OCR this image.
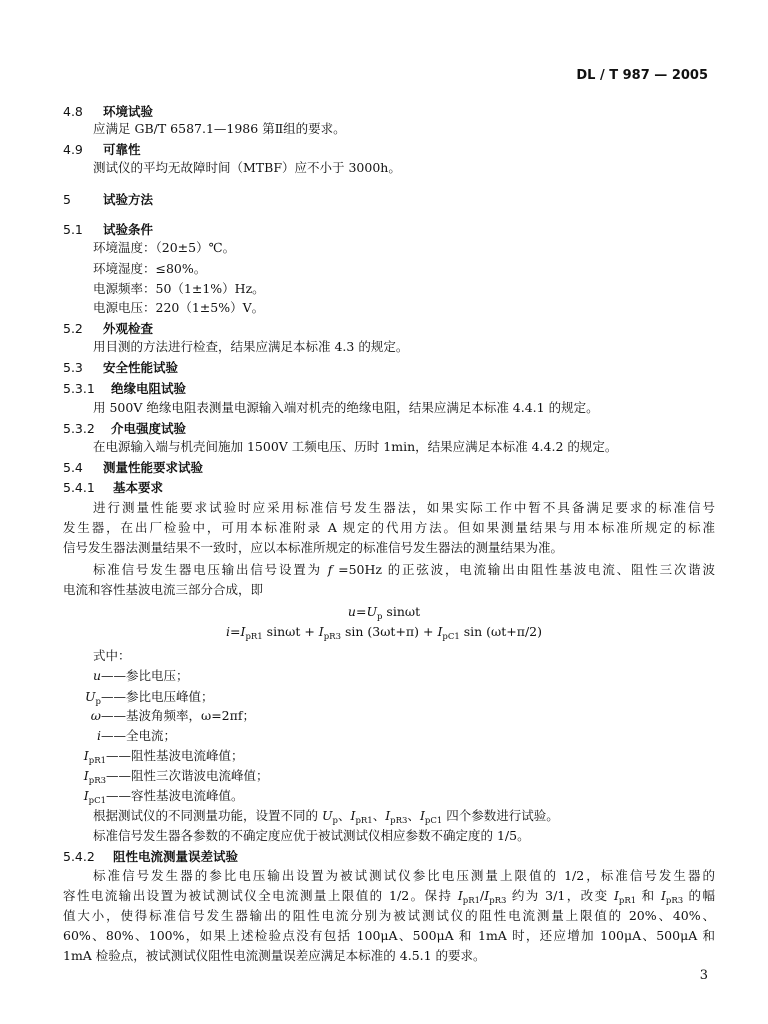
DL / T 987 — 2005
4.8 环境试验
应满足 GB/T 6587.1—1986 第Ⅱ组的要求。
4.9 可靠性
测试仪的平均无故障时间（MTBF）应不小于 3000h。
5	试验方法
5.1 试验条件
环境温度：（20±5）℃。
环境湿度：≤80%。
电源频率：50（1±1%）Hz。
电源电压：220（1±5%）V。
5.2 外观检查
用目测的方法进行检查，结果应满足本标准 4.3 的规定。
5.3 安全性能试验
5.3.1 绝缘电阻试验
用 500V 绝缘电阻表测量电源输入端对机壳的绝缘电阻，结果应满足本标准 4.4.1 的规定。
5.3.2 介电强度试验
在电源输入端与机壳间施加 1500V 工频电压、历时 1min，结果应满足本标准 4.4.2 的规定。
5.4 测量性能要求试验
5.4.1 基本要求
进行测量性能要求试验时应采用标准信号发生器法，如果实际工作中暂不具备满足要求的标准信号
发生器，在出厂检验中，可用本标准附录 A 规定的代用方法。但如果测量结果与用本标准所规定的标准
信号发生器法测量结果不一致时，应以本标准所规定的标准信号发生器法的测量结果为准。
标准信号发生器电压输出信号设置为 f =50Hz 的正弦波，电流输出由阻性基波电流、阻性三次谐波
电流和容性基波电流三部分合成，即
$u=U_p$ sinωt
$i=I_{pR1}$ $\sin\omega t + I_{pR3}$ $\sin (3\omega t+\pi) + I_{pC1}$ sin (ωt+π/2)
式中：
u——参比电压；
$U_p——$参比电压峰值；
ω——基波角频率，ω=2πf；
i——全电流；
$I_{pR1}——$阻性基波电流峰值；
$I_{pR3}——$阻性三次谐波电流峰值；
$I_{pC1}——$容性基波电流峰值。
根据测试仪的不同测量功能，设置不同的 $U_p$、$I_{pR1}$、$I_{pR3}$、$I_{pC1}$ 四个参数进行试验。
标准信号发生器各参数的不确定度应优于被试测试仪相应参数不确定度的 1/5。
5.4.2 阻性电流测量误差试验
标准信号发生器的参比电压输出设置为被试测试仪参比电压测量上限值的 1/2，标准信号发生器的
容性电流输出设置为被试测试仪全电流测量上限值的 1/2。保持 $I_{pR1}/I_{pR3}$ 约为 3/1，改变 $I_{pR1}$ 和 $I_{pR3}$ 的幅
值大小，使得标准信号发生器输出的阻性电流分别为被试测试仪的阻性电流测量上限值的 20%、40%、
60%、80%、100%，如果上述检验点没有包括 100μA、500μA 和 1mA 时，还应增加 100μA、500μA 和
1mA 检验点，被试测试仪阻性电流测量误差应满足本标准的 4.5.1 的要求。
3
